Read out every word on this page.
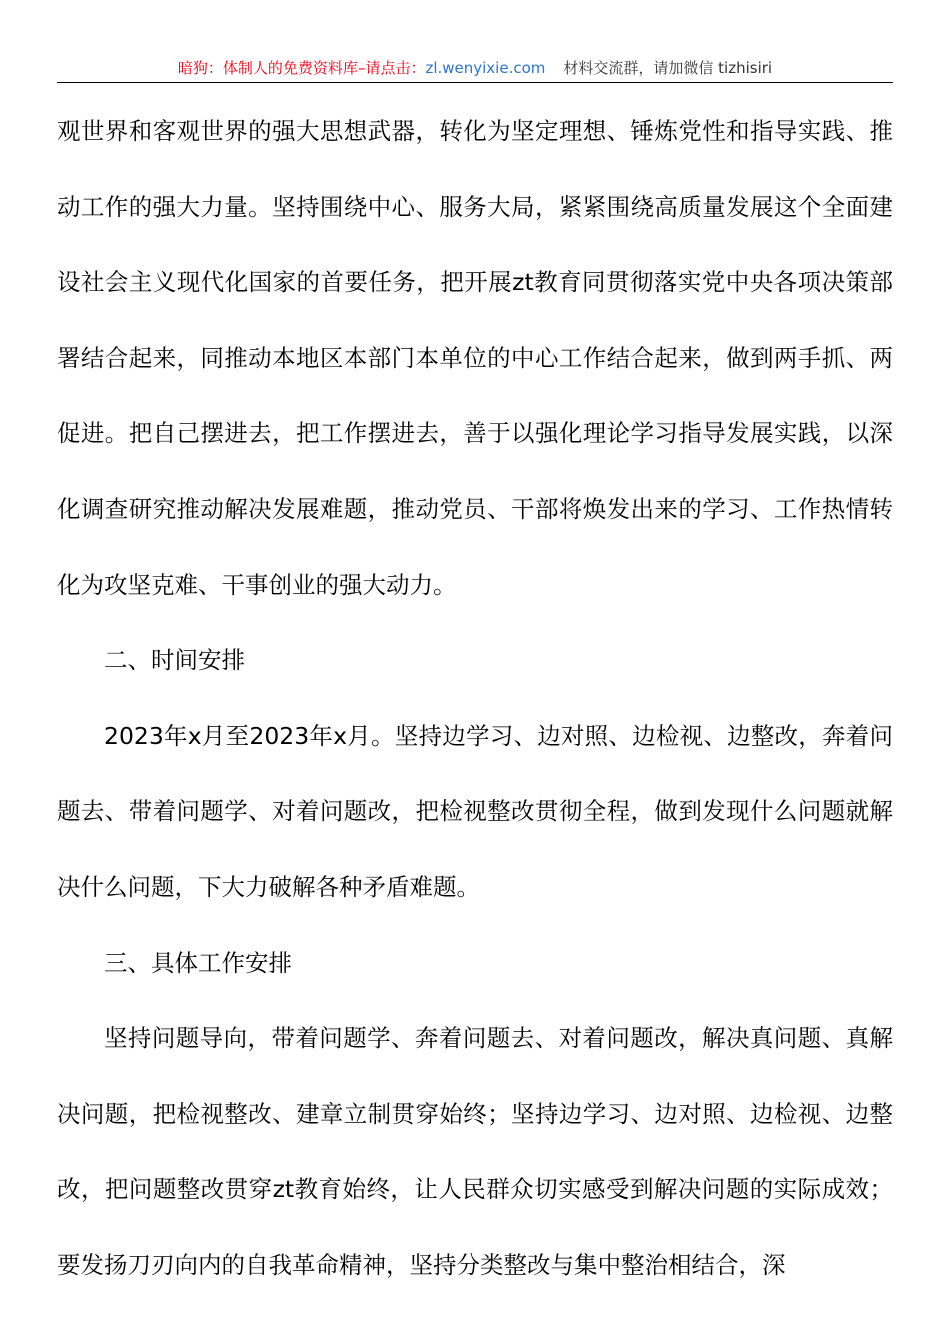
暗狗：体制人的免费资料库–请点击：zl.wenyixie.com 材料交流群，请加微信 tizhisiri

观世界和客观世界的强大思想武器，转化为坚定理想、锤炼党性和指导实践、推动工作的强大力量。坚持围绕中心、服务大局，紧紧围绕高质量发展这个全面建设社会主义现代化国家的首要任务，把开展zt教育同贯彻落实党中央各项决策部署结合起来，同推动本地区本部门本单位的中心工作结合起来，做到两手抓、两促进。把自己摆进去，把工作摆进去，善于以强化理论学习指导发展实践，以深化调查研究推动解决发展难题，推动党员、干部将焕发出来的学习、工作热情转化为攻坚克难、干事创业的强大动力。

二、时间安排

2023年x月至2023年x月。坚持边学习、边对照、边检视、边整改，奔着问题去、带着问题学、对着问题改，把检视整改贯彻全程，做到发现什么问题就解决什么问题，下大力破解各种矛盾难题。

三、具体工作安排

坚持问题导向，带着问题学、奔着问题去、对着问题改，解决真问题、真解决问题，把检视整改、建章立制贯穿始终；坚持边学习、边对照、边检视、边整改，把问题整改贯穿zt教育始终，让人民群众切实感受到解决问题的实际成效；要发扬刀刃向内的自我革命精神，坚持分类整改与集中整治相结合，深
